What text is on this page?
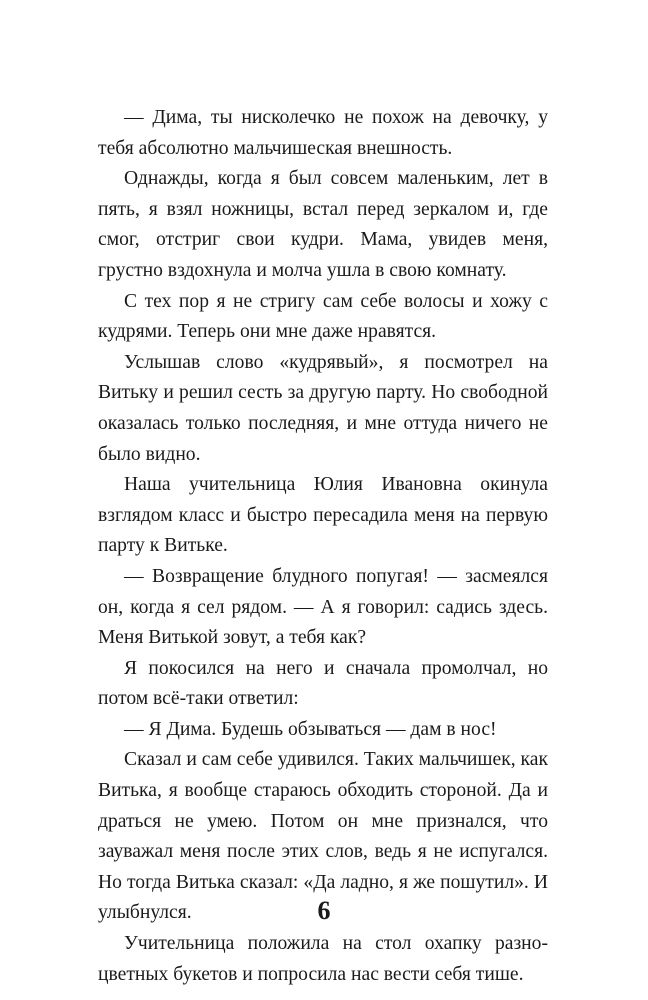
— Дима, ты нисколечко не похож на девочку, у тебя абсолютно мальчишеская внешность.

Однажды, когда я был совсем маленьким, лет в пять, я взял ножницы, встал перед зеркалом и, где смог, отстриг свои кудри. Мама, увидев меня, грустно вздохнула и молча ушла в свою комнату.

С тех пор я не стригу сам себе волосы и хожу с кудрями. Теперь они мне даже нравятся.

Услышав слово «кудрявый», я посмотрел на Витьку и решил сесть за другую парту. Но свободной оказалась только последняя, и мне оттуда ничего не было видно.

Наша учительница Юлия Ивановна окинула взглядом класс и быстро пересадила меня на первую парту к Витьке.

— Возвращение блудного попугая! — засмеялся он, когда я сел рядом. — А я говорил: садись здесь. Меня Витькой зовут, а тебя как?

Я покосился на него и сначала промолчал, но потом всё-таки ответил:

— Я Дима. Будешь обзываться — дам в нос!

Сказал и сам себе удивился. Таких мальчишек, как Витька, я вообще стараюсь обходить стороной. Да и драться не умею. Потом он мне признался, что зауважал меня после этих слов, ведь я не испугался. Но тогда Витька сказал: «Да ладно, я же пошутил». И улыбнулся.

Учительница положила на стол охапку разноцветных букетов и попросила нас вести себя тише.

6
